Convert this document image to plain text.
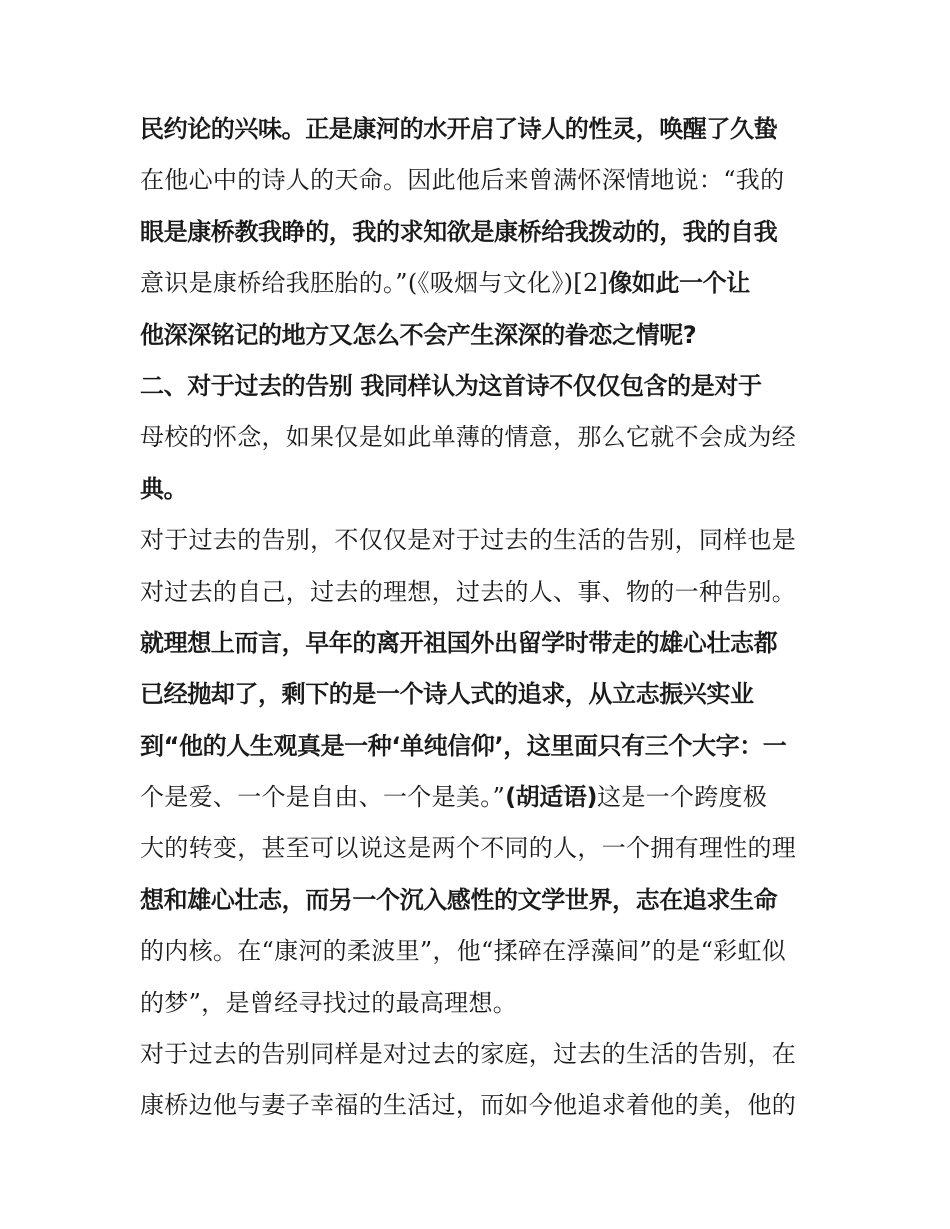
民约论的兴味。正是康河的水开启了诗人的性灵，唤醒了久蛰
在他心中的诗人的天命。因此他后来曾满怀深情地说：“我的
眼是康桥教我睁的，我的求知欲是康桥给我拨动的，我的自我
意识是康桥给我胚胎的。”(《吸烟与文化》)[2]像如此一个让
他深深铭记的地方又怎么不会产生深深的眷恋之情呢?
二、对于过去的告别 我同样认为这首诗不仅仅包含的是对于
母校的怀念，如果仅是如此单薄的情意，那么它就不会成为经
典。
对于过去的告别，不仅仅是对于过去的生活的告别，同样也是
对过去的自己，过去的理想，过去的人、事、物的一种告别。
就理想上而言，早年的离开祖国外出留学时带走的雄心壮志都
已经抛却了，剩下的是一个诗人式的追求，从立志振兴实业
到“他的人生观真是一种‘单纯信仰’，这里面只有三个大字：一
个是爱、一个是自由、一个是美。”(胡适语)这是一个跨度极
大的转变，甚至可以说这是两个不同的人，一个拥有理性的理
想和雄心壮志，而另一个沉入感性的文学世界，志在追求生命
的内核。在“康河的柔波里”，他“揉碎在浮藻间”的是“彩虹似
的梦”，是曾经寻找过的最高理想。
对于过去的告别同样是对过去的家庭，过去的生活的告别，在
康桥边他与妻子幸福的生活过，而如今他追求着他的美，他的
